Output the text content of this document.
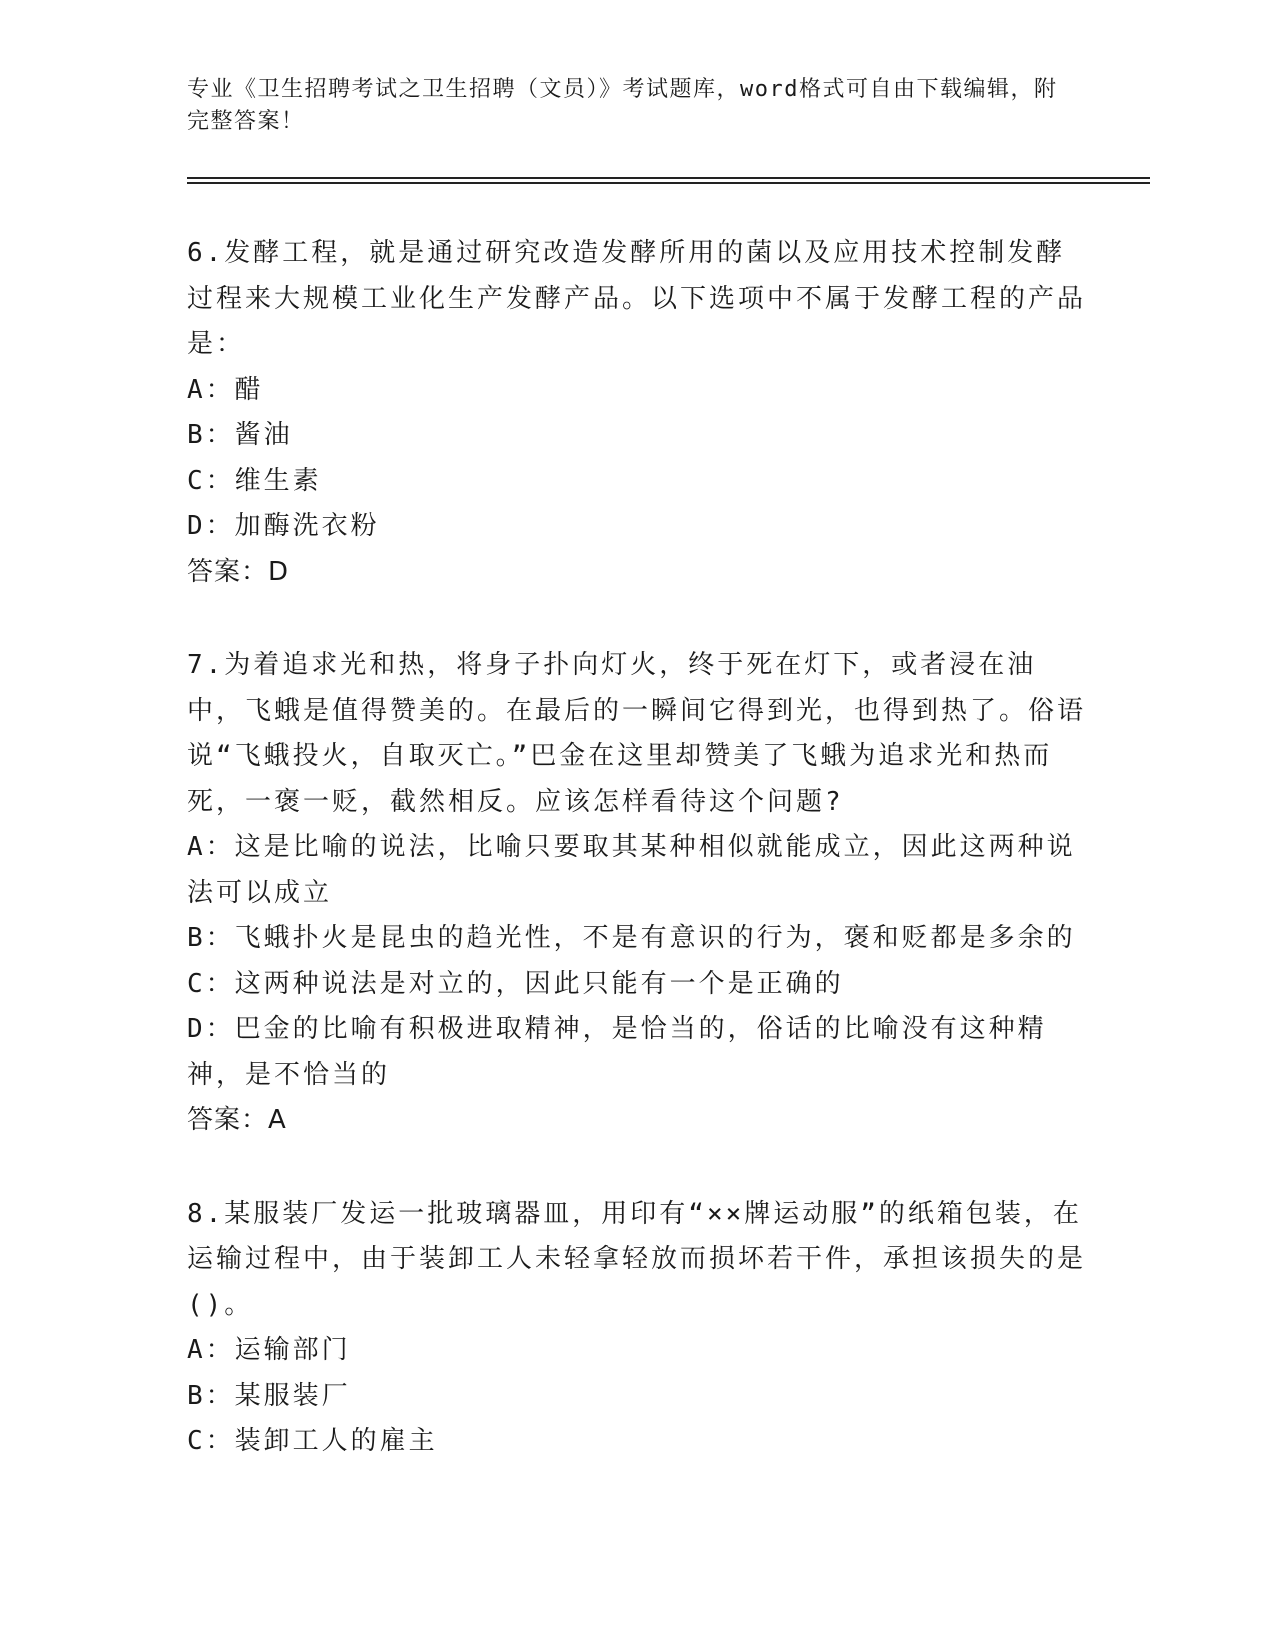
专业《卫生招聘考试之卫生招聘（文员）》考试题库，word格式可自由下载编辑，附完整答案！

6.发酵工程，就是通过研究改造发酵所用的菌以及应用技术控制发酵过程来大规模工业化生产发酵产品。以下选项中不属于发酵工程的产品是：

A：醋

B：酱油

C：维生素

D：加酶洗衣粉

答案：D

7.为着追求光和热，将身子扑向灯火，终于死在灯下，或者浸在油中，飞蛾是值得赞美的。在最后的一瞬间它得到光，也得到热了。俗语说“飞蛾投火，自取灭亡。”巴金在这里却赞美了飞蛾为追求光和热而死，一褒一贬，截然相反。应该怎样看待这个问题?

A：这是比喻的说法，比喻只要取其某种相似就能成立，因此这两种说法可以成立

B：飞蛾扑火是昆虫的趋光性，不是有意识的行为，褒和贬都是多余的

C：这两种说法是对立的，因此只能有一个是正确的

D：巴金的比喻有积极进取精神，是恰当的，俗话的比喻没有这种精神，是不恰当的

答案：A

8.某服装厂发运一批玻璃器皿，用印有“××牌运动服”的纸箱包装，在运输过程中，由于装卸工人未轻拿轻放而损坏若干件，承担该损失的是()。

A：运输部门

B：某服装厂

C：装卸工人的雇主
